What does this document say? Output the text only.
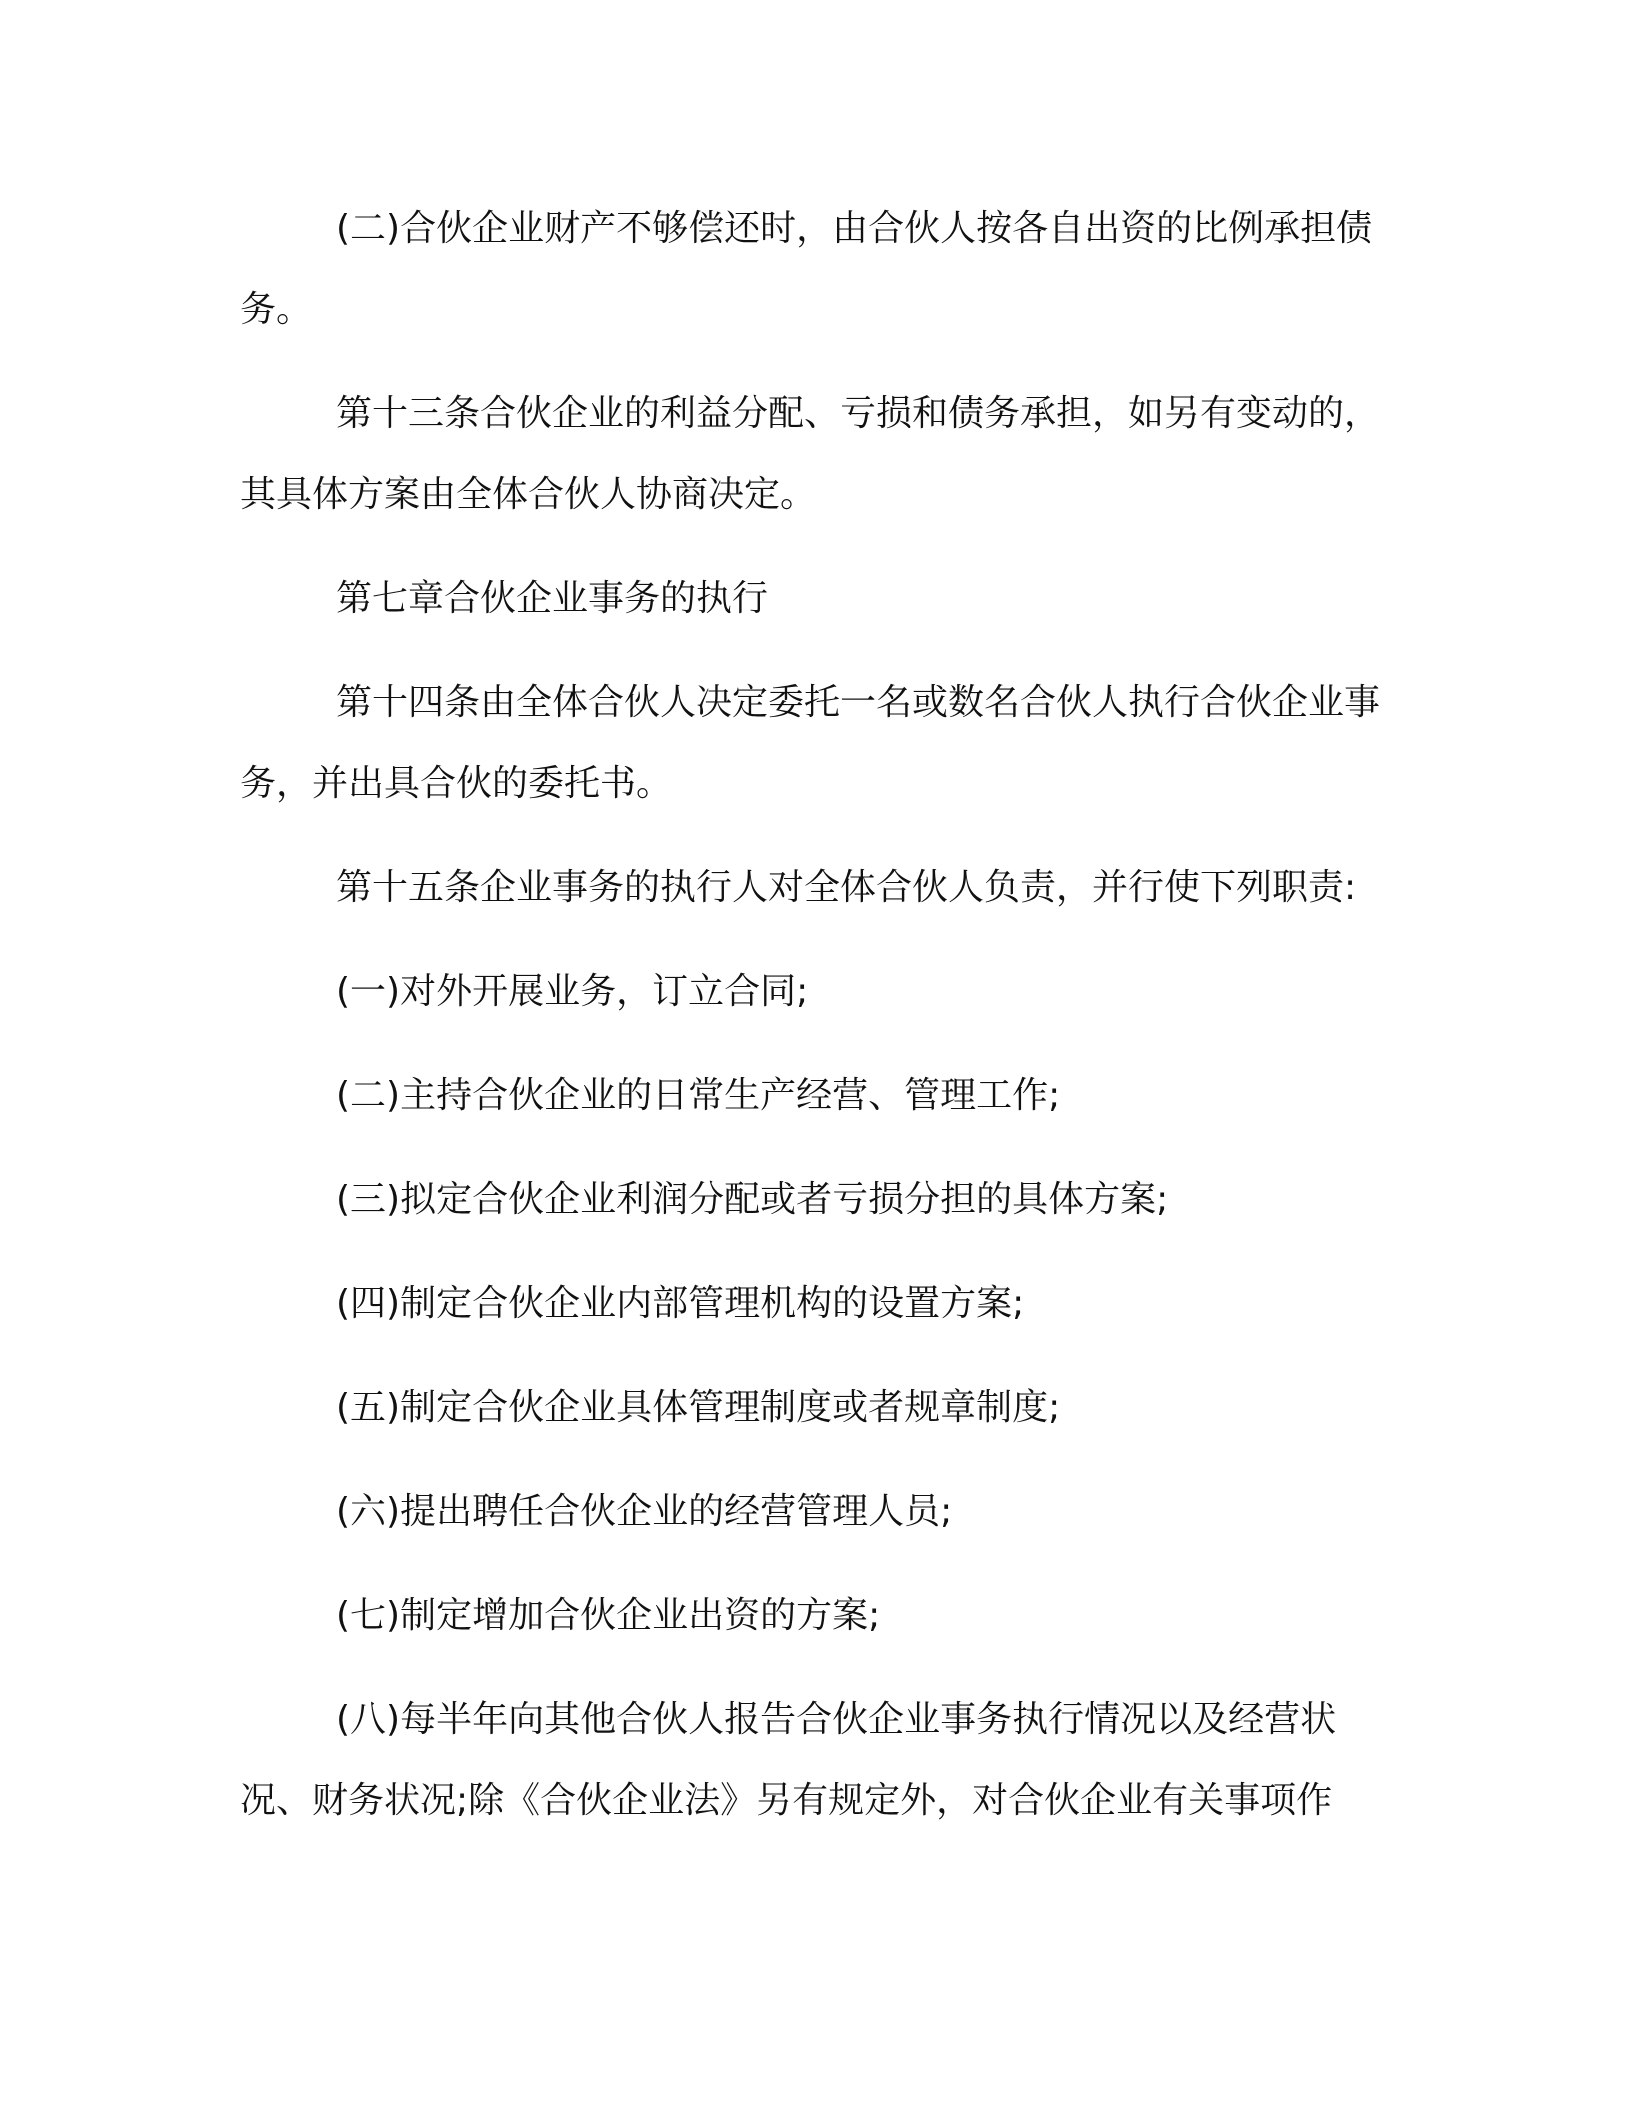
(二)合伙企业财产不够偿还时，由合伙人按各自出资的比例承担债务。

第十三条合伙企业的利益分配、亏损和债务承担，如另有变动的，其具体方案由全体合伙人协商决定。

第七章合伙企业事务的执行

第十四条由全体合伙人决定委托一名或数名合伙人执行合伙企业事务，并出具合伙的委托书。

第十五条企业事务的执行人对全体合伙人负责，并行使下列职责:

(一)对外开展业务，订立合同;

(二)主持合伙企业的日常生产经营、管理工作;

(三)拟定合伙企业利润分配或者亏损分担的具体方案;

(四)制定合伙企业内部管理机构的设置方案;

(五)制定合伙企业具体管理制度或者规章制度;

(六)提出聘任合伙企业的经营管理人员;

(七)制定增加合伙企业出资的方案;

(八)每半年向其他合伙人报告合伙企业事务执行情况以及经营状况、财务状况;除《合伙企业法》另有规定外，对合伙企业有关事项作
